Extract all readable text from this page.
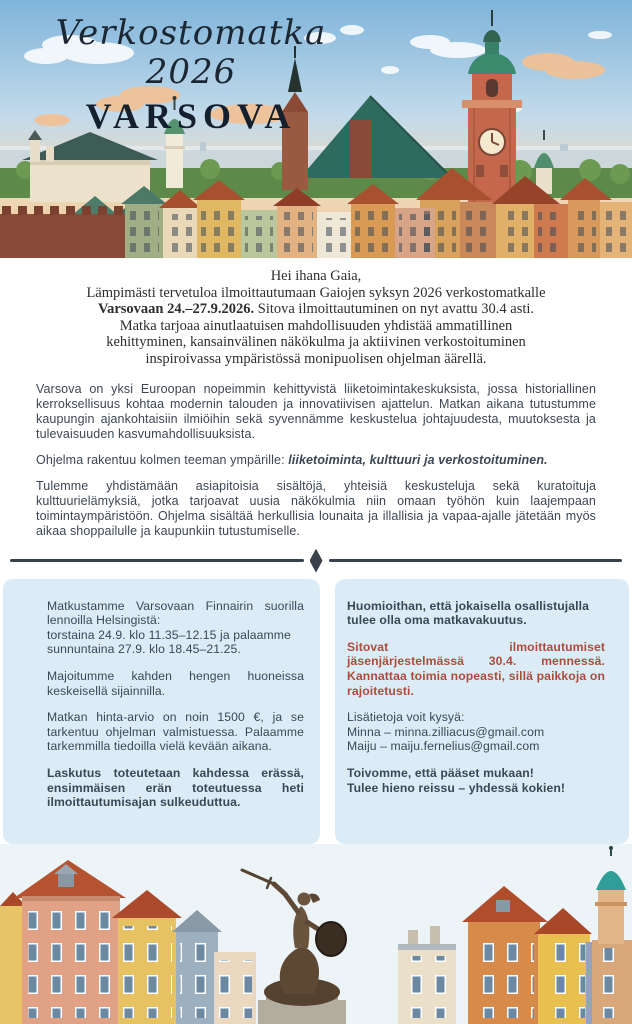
Verkostomatka 2026
VARSOVA
Hei ihana Gaia,
Lämpimästi tervetuloa ilmoittautumaan Gaiojen syksyn 2026 verkostomatkalle
Varsovaan 24.–27.9.2026. Sitova ilmoittautuminen on nyt avattu 30.4 asti.
Matka tarjoaa ainutlaatuisen mahdollisuuden yhdistää ammatillinen
kehittyminen, kansainvälinen näkökulma ja aktiivinen verkostoituminen
inspiroivassa ympäristössä monipuolisen ohjelman äärellä.

Varsova on yksi Euroopan nopeimmin kehittyvistä liiketoimintakeskuksista, jossa historiallinen kerroksellisuus kohtaa modernin talouden ja innovatiivisen ajattelun. Matkan aikana tutustumme kaupungin ajankohtaisiin ilmiöihin sekä syvennämme keskustelua johtajuudesta, muutoksesta ja tulevaisuuden kasvumahdollisuuksista.

Ohjelma rakentuu kolmen teeman ympärille: liiketoiminta, kulttuuri ja verkostoituminen.

Tulemme yhdistämään asiapitoisia sisältöjä, yhteisiä keskusteluja sekä kuratoituja kulttuurielämyksiä, jotka tarjoavat uusia näkökulmia niin omaan työhön kuin laajempaan toimintaympäristöön. Ohjelma sisältää herkullisia lounaita ja illallisia ja vapaa-ajalle jätetään myös aikaa shoppailulle ja kaupunkiin tutustumiselle.

Matkustamme Varsovaan Finnairin suorilla lennoilla Helsingistä:
torstaina 24.9. klo 11.35–12.15 ja palaamme sunnuntaina 27.9. klo 18.45–21.25.

Majoitumme kahden hengen huoneissa keskeisellä sijainnilla.

Matkan hinta-arvio on noin 1500 €, ja se tarkentuu ohjelman valmistuessa. Palaamme tarkemmilla tiedoilla vielä kevään aikana.

Laskutus toteutetaan kahdessa erässä, ensimmäisen erän toteutuessa heti ilmoittautumisajan sulkeuduttua.

Huomioithan, että jokaisella osallistujalla tulee olla oma matkavakuutus.

Sitovat ilmoittautumiset jäsenjärjestelmässä 30.4. mennessä. Kannattaa toimia nopeasti, sillä paikkoja on rajoitetusti.

Lisätietoja voit kysyä:
Minna – minna.zilliacus@gmail.com
Maiju – maiju.fernelius@gmail.com

Toivomme, että pääset mukaan!
Tulee hieno reissu – yhdessä kokien!
